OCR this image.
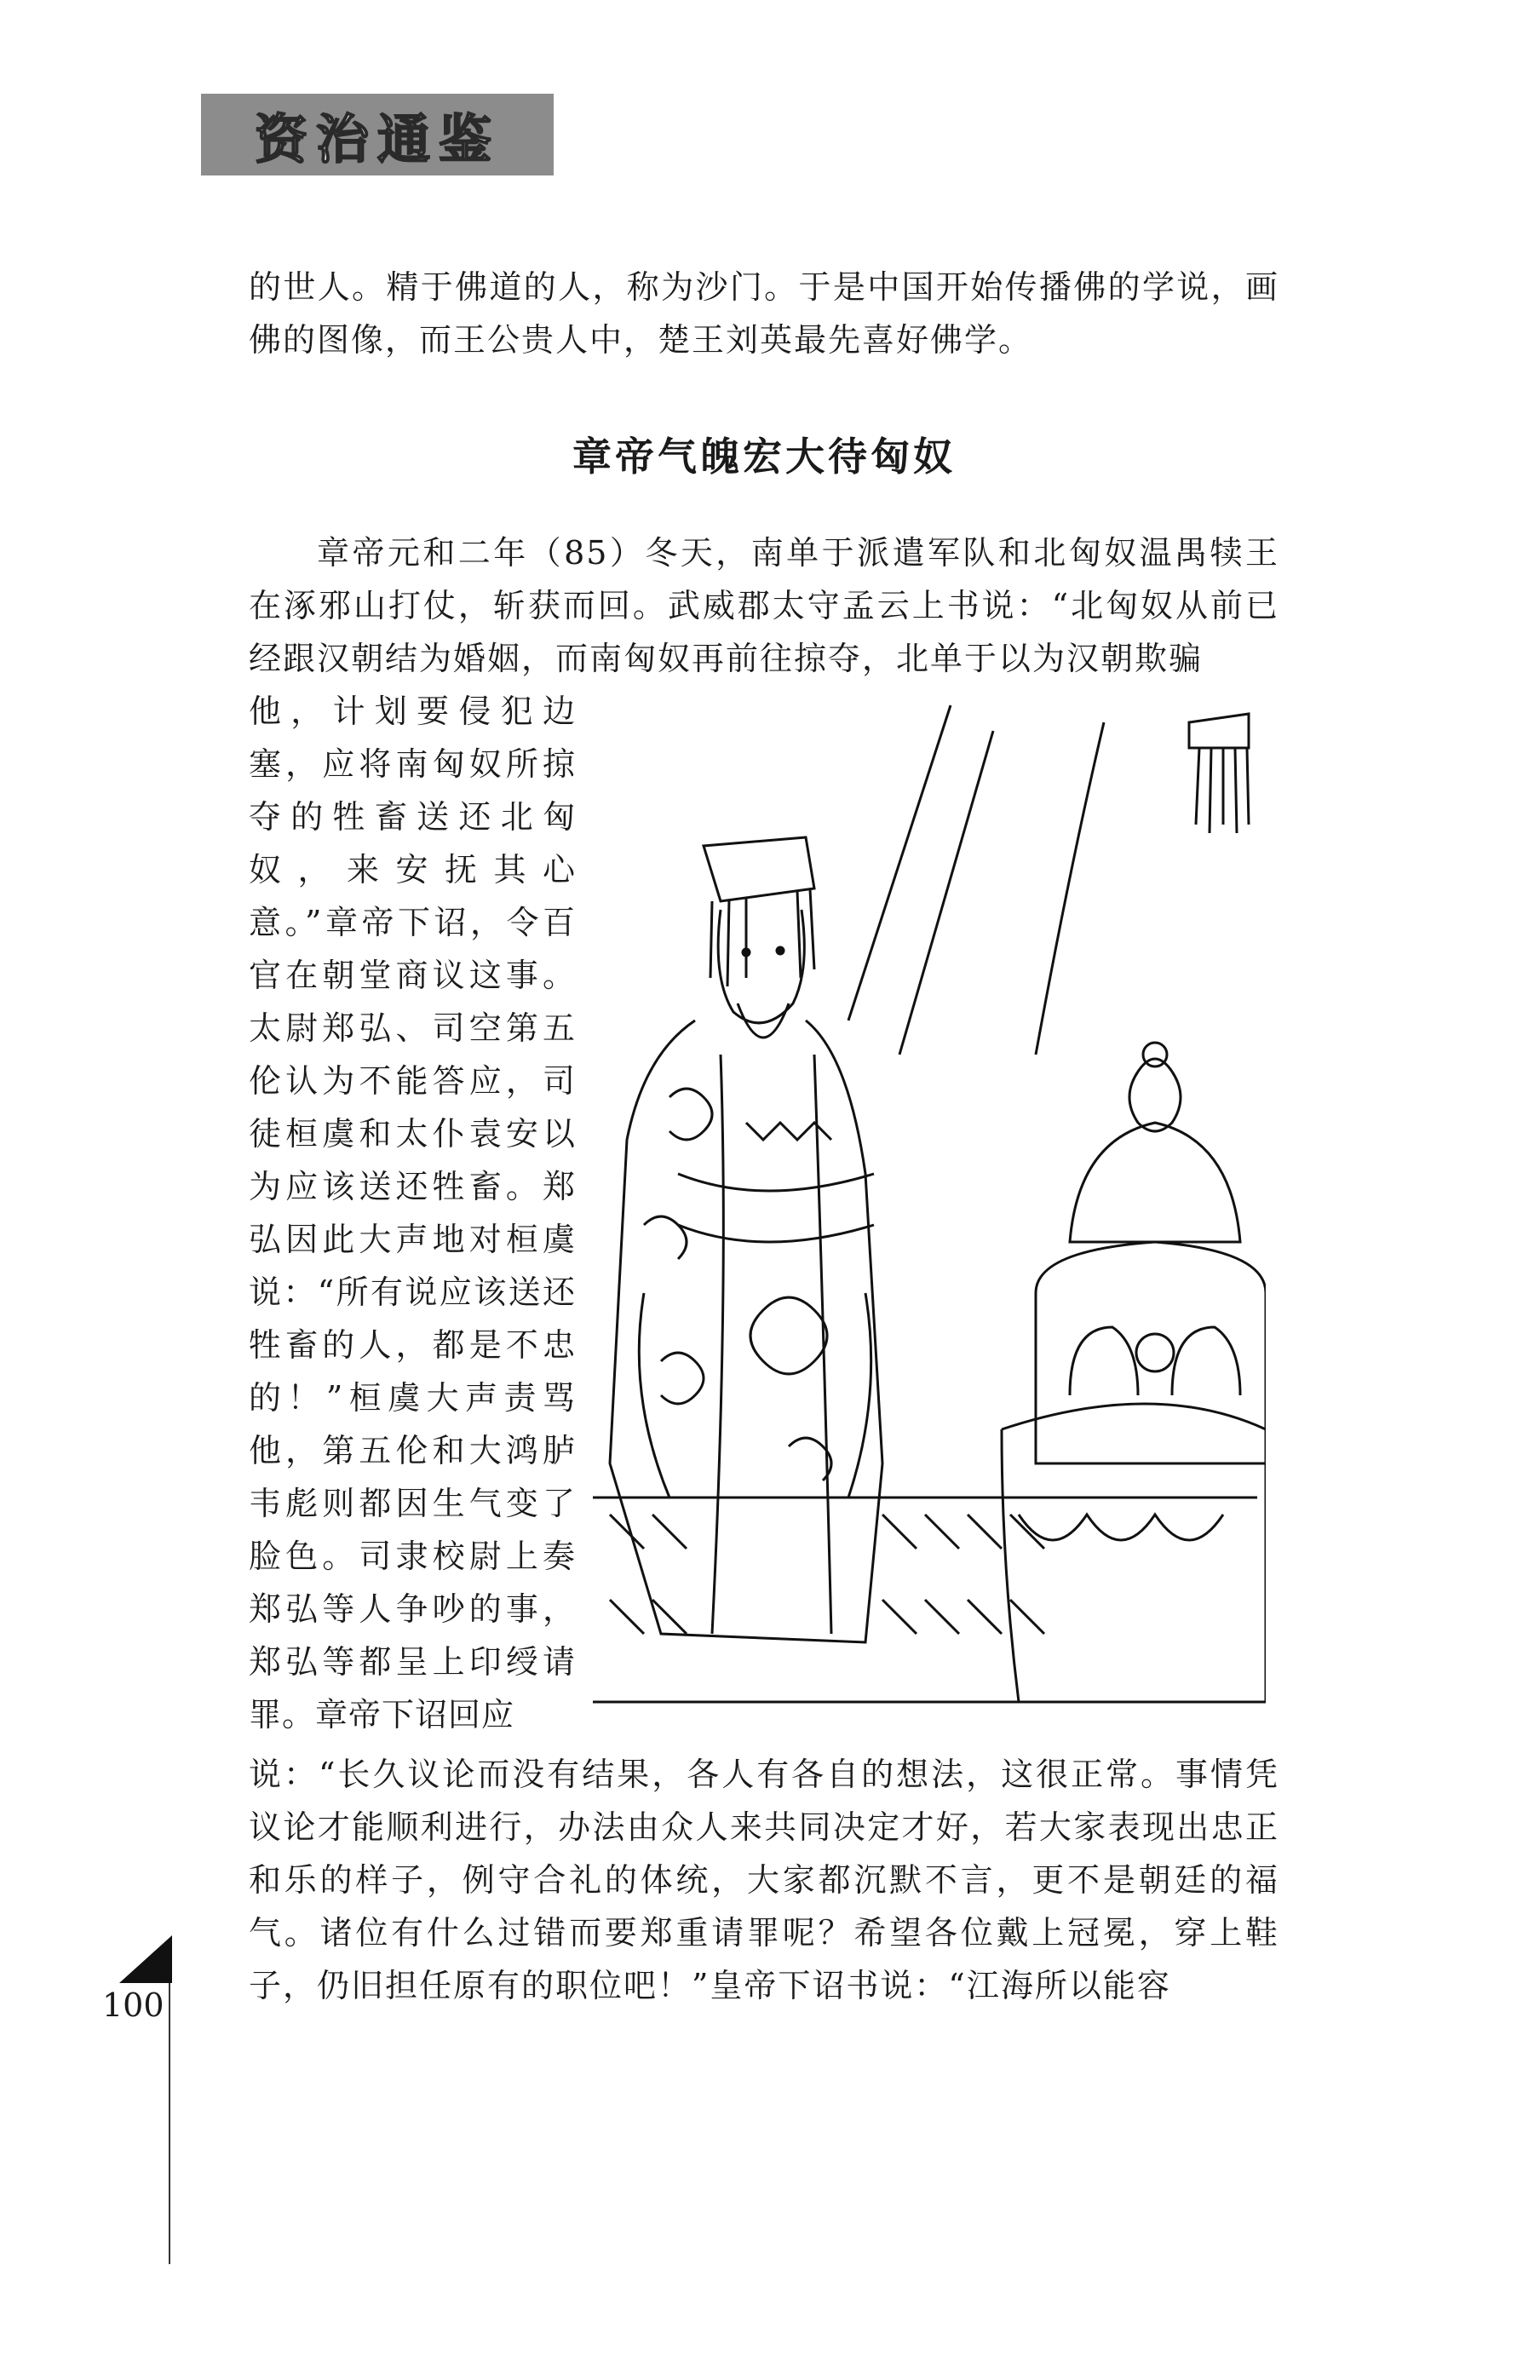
资治通鉴

的世人。精于佛道的人，称为沙门。于是中国开始传播佛的学说，画佛的图像，而王公贵人中，楚王刘英最先喜好佛学。

章帝气魄宏大待匈奴

章帝元和二年（85）冬天，南单于派遣军队和北匈奴温禺犊王在涿邪山打仗，斩获而回。武威郡太守孟云上书说：“北匈奴从前已经跟汉朝结为婚姻，而南匈奴再前往掠夺，北单于以为汉朝欺骗

他，计划要侵犯边塞，应将南匈奴所掠夺的牲畜送还北匈奴，来安抚其心意。”章帝下诏，令百官在朝堂商议这事。太尉郑弘、司空第五伦认为不能答应，司徒桓虞和太仆袁安以为应该送还牲畜。郑弘因此大声地对桓虞说：“所有说应该送还牲畜的人，都是不忠的！”桓虞大声责骂他，第五伦和大鸿胪韦彪则都因生气变了脸色。司隶校尉上奏郑弘等人争吵的事，郑弘等都呈上印绶请罪。章帝下诏回应

说：“长久议论而没有结果，各人有各自的想法，这很正常。事情凭议论才能顺利进行，办法由众人来共同决定才好，若大家表现出忠正和乐的样子，例守合礼的体统，大家都沉默不言，更不是朝廷的福气。诸位有什么过错而要郑重请罪呢？希望各位戴上冠冕，穿上鞋子，仍旧担任原有的职位吧！”皇帝下诏书说：“江海所以能容

100
